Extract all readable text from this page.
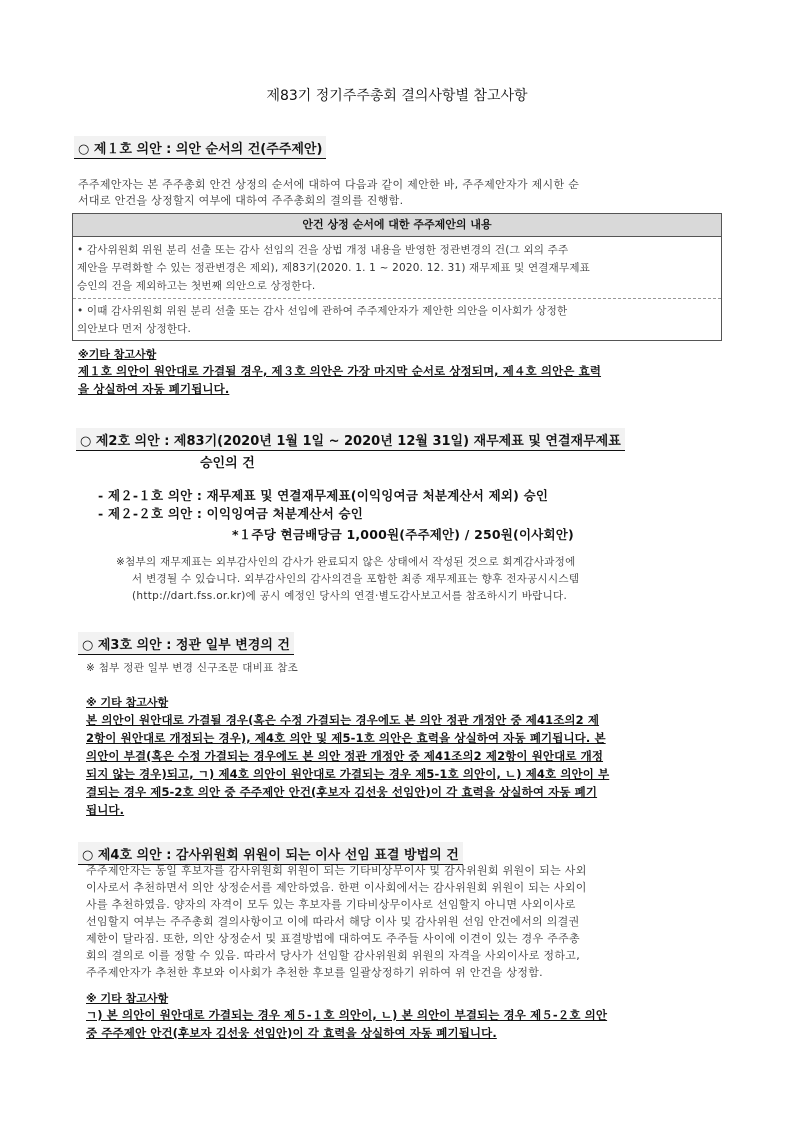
제83기 정기주주총회 결의사항별 참고사항
○ 제１호 의안 : 의안 순서의 건(주주제안)
주주제안자는 본 주주총회 안건 상정의 순서에 대하여 다음과 같이 제안한 바, 주주제안자가 제시한 순
서대로 안건을 상정할지 여부에 대하여 주주총회의 결의를 진행함.
안건 상정 순서에 대한 주주제안의 내용
• 감사위원회 위원 분리 선출 또는 감사 선임의 건을 상법 개정 내용을 반영한 정관변경의 건(그 외의 주주
제안을 무력화할 수 있는 정관변경은 제외), 제83기(2020. 1. 1 ~ 2020. 12. 31) 재무제표 및 연결재무제표
승인의 건을 제외하고는 첫번째 의안으로 상정한다.
• 이때 감사위원회 위원 분리 선출 또는 감사 선임에 관하여 주주제안자가 제안한 의안을 이사회가 상정한
의안보다 먼저 상정한다.
※기타 참고사항
제１호 의안이 원안대로 가결될 경우, 제３호 의안은 가장 마지막 순서로 상정되며, 제４호 의안은 효력
을 상실하여 자동 폐기됩니다.
○ 제2호 의안 : 제83기(2020년 1월 1일 ~ 2020년 12월 31일) 재무제표 및 연결재무제표
승인의 건
- 제２-１호 의안 : 재무제표 및 연결재무제표(이익잉여금 처분계산서 제외) 승인
- 제２-２호 의안 : 이익잉여금 처분계산서 승인
*１주당 현금배당금 1,000원(주주제안) / 250원(이사회안)
※첨부의 재무제표는 외부감사인의 감사가 완료되지 않은 상태에서 작성된 것으로 회계감사과정에
서 변경될 수 있습니다. 외부감사인의 감사의견을 포함한 최종 재무제표는 향후 전자공시시스템
(http://dart.fss.or.kr)에 공시 예정인 당사의 연결·별도감사보고서를 참조하시기 바랍니다.
○ 제3호 의안 : 정관 일부 변경의 건
※ 첨부 정관 일부 변경 신구조문 대비표 참조
※ 기타 참고사항
본 의안이 원안대로 가결될 경우(혹은 수정 가결되는 경우에도 본 의안 정관 개정안 중 제41조의2 제
2항이 원안대로 개정되는 경우), 제4호 의안 및 제5-1호 의안은 효력을 상실하여 자동 폐기됩니다. 본
의안이 부결(혹은 수정 가결되는 경우에도 본 의안 정관 개정안 중 제41조의2 제2항이 원안대로 개정
되지 않는 경우)되고, ㄱ) 제4호 의안이 원안대로 가결되는 경우 제5-1호 의안이, ㄴ) 제4호 의안이 부
결되는 경우 제5-2호 의안 중 주주제안 안건(후보자 김선웅 선임안)이 각 효력을 상실하여 자동 폐기
됩니다.
○ 제4호 의안 : 감사위원회 위원이 되는 이사 선임 표결 방법의 건
주주제안자는 동일 후보자를 감사위원회 위원이 되는 기타비상무이사 및 감사위원회 위원이 되는 사외
이사로서 추천하면서 의안 상정순서를 제안하였음. 한편 이사회에서는 감사위원회 위원이 되는 사외이
사를 추천하였음. 양자의 자격이 모두 있는 후보자를 기타비상무이사로 선임할지 아니면 사외이사로
선임할지 여부는 주주총회 결의사항이고 이에 따라서 해당 이사 및 감사위원 선임 안건에서의 의결권
제한이 달라짐. 또한, 의안 상정순서 및 표결방법에 대하여도 주주들 사이에 이견이 있는 경우 주주총
회의 결의로 이를 정할 수 있음. 따라서 당사가 선임할 감사위원회 위원의 자격을 사외이사로 정하고,
주주제안자가 추천한 후보와 이사회가 추천한 후보를 일괄상정하기 위하여 위 안건을 상정함.
※ 기타 참고사항
ㄱ) 본 의안이 원안대로 가결되는 경우 제５-１호 의안이, ㄴ) 본 의안이 부결되는 경우 제５-２호 의안
중 주주제안 안건(후보자 김선웅 선임안)이 각 효력을 상실하여 자동 폐기됩니다.
